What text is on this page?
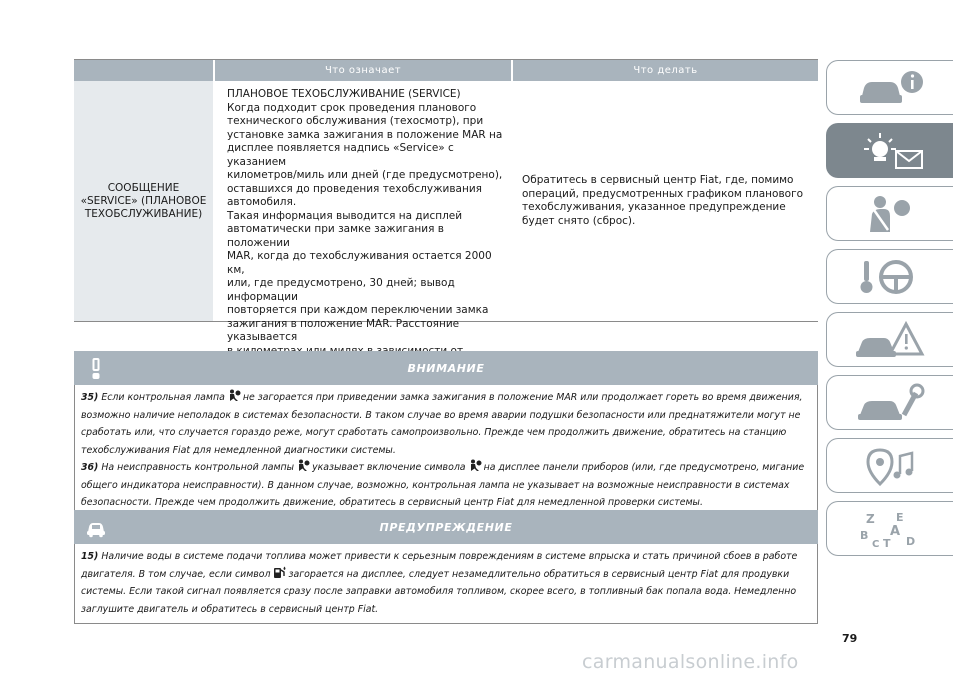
Что означает	Что делать
СООБЩЕНИЕ «SERVICE» (ПЛАНОВОЕ ТЕХОБСЛУЖИВАНИЕ)

ПЛАНОВОЕ ТЕХОБСЛУЖИВАНИЕ (SERVICE)
Когда подходит срок проведения планового
технического обслуживания (техосмотр), при
установке замка зажигания в положение MAR на
дисплее появляется надпись «Service» с указанием
километров/миль или дней (где предусмотрено),
оставшихся до проведения техобслуживания
автомобиля.
Такая информация выводится на дисплей
автоматически при замке зажигания в положении
MAR, когда до техобслуживания остается 2000 км,
или, где предусмотрено, 30 дней; вывод информации
повторяется при каждом переключении замка
зажигания в положение MAR. Расстояние указывается

Обратитесь в сервисный центр Fiat, где, помимо операций, предусмотренных графиком планового техобслуживания, указанное предупреждение будет снято (сброс).

ВНИМАНИЕ

35) Если контрольная лампа не загорается при приведении замка зажигания в положение MAR или продолжает гореть во время движения, возможно наличие неполадок в системах безопасности. В таком случае во время аварии подушки безопасности или преднатяжители могут не сработать или, что случается гораздо реже, могут сработать самопроизвольно. Прежде чем продолжить движение, обратитесь на станцию техобслуживания Fiat для немедленной диагностики системы.

36) На неисправность контрольной лампы указывает включение символа на дисплее панели приборов (или, где предусмотрено, мигание общего индикатора неисправности). В данном случае, возможно, контрольная лампа не указывает на возможные неисправности в системах безопасности. Прежде чем продолжить движение, обратитесь в сервисный центр Fiat для немедленной проверки системы.

ПРЕДУПРЕЖДЕНИЕ

15) Наличие воды в системе подачи топлива может привести к серьезным повреждениям в системе впрыска и стать причиной сбоев в работе двигателя. В том случае, если символ загорается на дисплее, следует незамедлительно обратиться в сервисный центр Fiat для продувки системы. Если такой сигнал появляется сразу после заправки автомобиля топливом, скорее всего, в топливный бак попала вода. Немедленно заглушите двигатель и обратитесь в сервисный центр Fiat.

Z E
A
B
C T D
79
carmanualsonline.info
